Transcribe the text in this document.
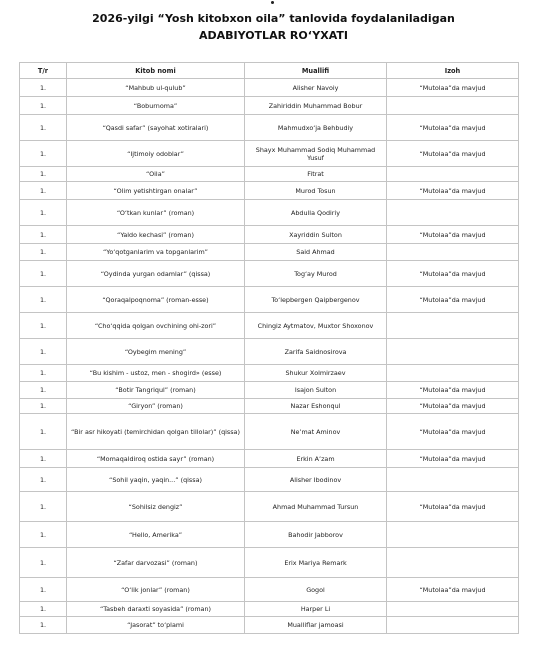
2026-yilgi “Yosh kitobxon oila” tanlovida foydalaniladigan
ADABIYOTLAR RO‘YXATI
T/r	Kitob nomi	Muallifi	Izoh
1.	“Mahbub ul-qulub”	Alisher Navoiy	“Mutolaa”da mavjud
1.	“Boburnoma”	Zahiriddin Muhammad Bobur	
1.	“Qasdi safar” (sayohat xotiralari)	Mahmudxo‘ja Behbudiy	“Mutolaa”da mavjud
1.	“Ijtimoiy odoblar”	Shayx Muhammad Sodiq Muhammad Yusuf	“Mutolaa”da mavjud
1.	“Oila”	Fitrat	
1.	“Olim yetishtirgan onalar”	Murod Tosun	“Mutolaa”da mavjud
1.	“O‘tkan kunlar” (roman)	Abdulla Qodiriy	
1.	“Yaldo kechasi” (roman)	Xayriddin Sulton	“Mutolaa”da mavjud
1.	“Yo‘qotganlarim va topganlarim”	Said Ahmad	
1.	“Oydinda yurgan odamlar” (qissa)	Tog‘ay Murod	“Mutolaa”da mavjud
1.	“Qoraqalpoqnoma” (roman-esse)	To‘lepbergen Qaipbergenov	“Mutolaa”da mavjud
1.	“Cho‘qqida qolgan ovchining ohi-zori”	Chingiz Aytmatov, Muxtor Shoxonov	
1.	“Oybegim mening”	Zarifa Saidnosirova	
1.	“Bu kishim - ustoz, men - shogird» (esse)	Shukur Xolmirzaev	
1.	“Botir Tangriqul” (roman)	Isajon Sulton	“Mutolaa”da mavjud
1.	“Giryon” (roman)	Nazar Eshonqul	“Mutolaa”da mavjud
1.	“Bir asr hikoyati (temirchidan qolgan tillolar)” (qissa)	Ne’mat Aminov	“Mutolaa”da mavjud
1.	“Momaqaldiroq ostida sayr” (roman)	Erkin A’zam	“Mutolaa”da mavjud
1.	“Sohil yaqin, yaqin...” (qissa)	Alisher Ibodinov	
1.	“Sohilsiz dengiz”	Ahmad Muhammad Tursun	“Mutolaa”da mavjud
1.	“Hello, Amerika”	Bahodir Jabborov	
1.	“Zafar darvozasi” (roman)	Erix Mariya Remark	
1.	“O‘lik jonlar” (roman)	Gogol	“Mutolaa”da mavjud
1.	“Tasbeh daraxti soyasida” (roman)	Harper Li	
1.	“Jasorat” to‘plami	Mualliflar jamoasi	
